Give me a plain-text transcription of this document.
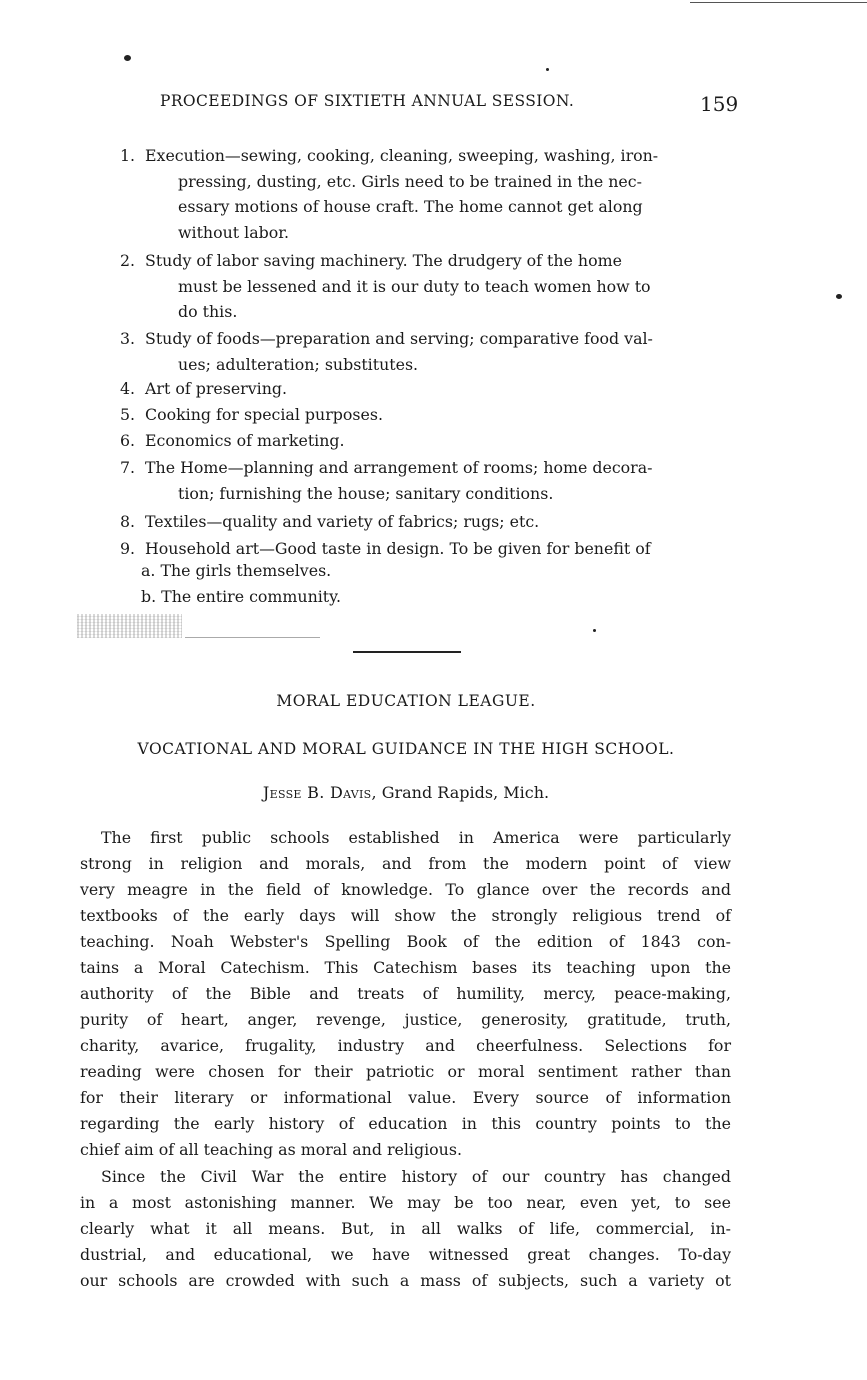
PROCEEDINGS OF SIXTIETH ANNUAL SESSION.	159
1. Execution—sewing, cooking, cleaning, sweeping, washing, iron-
pressing, dusting, etc. Girls need to be trained in the nec-
essary motions of house craft. The home cannot get along
without labor.
2. Study of labor saving machinery. The drudgery of the home
must be lessened and it is our duty to teach women how to
do this.
3. Study of foods—preparation and serving; comparative food val-
ues; adulteration; substitutes.
4. Art of preserving.
5. Cooking for special purposes.
6. Economics of marketing.
7. The Home—planning and arrangement of rooms; home decora-
tion; furnishing the house; sanitary conditions.
8. Textiles—quality and variety of fabrics; rugs; etc.
9. Household art—Good taste in design. To be given for benefit of
a. The girls themselves.
b. The entire community.
MORAL EDUCATION LEAGUE.
VOCATIONAL AND MORAL GUIDANCE IN THE HIGH SCHOOL.
Jesse B. Davis, Grand Rapids, Mich.
The first public schools established in America were particularly
strong in religion and morals, and from the modern point of view
very meagre in the field of knowledge. To glance over the records and
textbooks of the early days will show the strongly religious trend of
teaching. Noah Webster's Spelling Book of the edition of 1843 con-
tains a Moral Catechism. This Catechism bases its teaching upon the
authority of the Bible and treats of humility, mercy, peace-making,
purity of heart, anger, revenge, justice, generosity, gratitude, truth,
charity, avarice, frugality, industry and cheerfulness. Selections for
reading were chosen for their patriotic or moral sentiment rather than
for their literary or informational value. Every source of information
regarding the early history of education in this country points to the
chief aim of all teaching as moral and religious.
Since the Civil War the entire history of our country has changed
in a most astonishing manner. We may be too near, even yet, to see
clearly what it all means. But, in all walks of life, commercial, in-
dustrial, and educational, we have witnessed great changes. To-day
our schools are crowded with such a mass of subjects, such a variety ot
